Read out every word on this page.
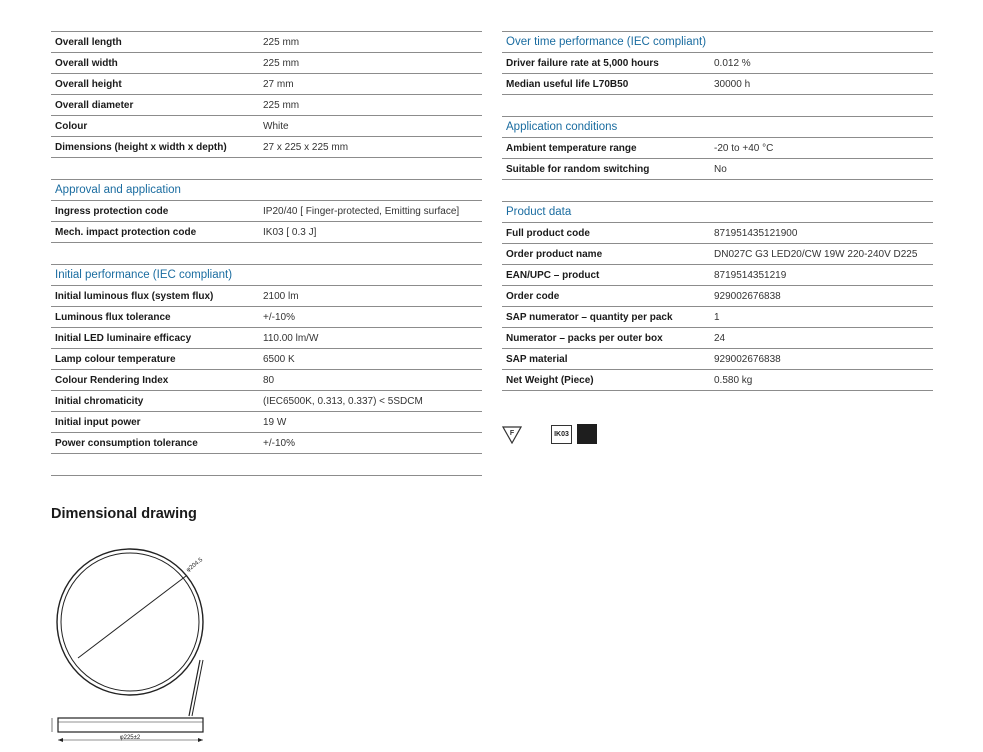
Overall length	225 mm
Overall width	225 mm
Overall height	27 mm
Overall diameter	225 mm
Colour	White
Dimensions (height x width x depth)	27 x 225 x 225 mm
Approval and application
Ingress protection code	IP20/40 [ Finger-protected, Emitting surface]
Mech. impact protection code	IK03 [ 0.3 J]
Initial performance (IEC compliant)
Initial luminous flux (system flux)	2100 lm
Luminous flux tolerance	+/-10%
Initial LED luminaire efficacy	110.00 lm/W
Lamp colour temperature	6500 K
Colour Rendering Index	80
Initial chromaticity	(IEC6500K, 0.313, 0.337) < 5SDCM
Initial input power	19 W
Power consumption tolerance	+/-10%
Over time performance (IEC compliant)
Driver failure rate at 5,000 hours	0.012 %
Median useful life L70B50	30000 h
Application conditions
Ambient temperature range	-20 to +40 °C
Suitable for random switching	No
Product data
Full product code	871951435121900
Order product name	DN027C G3 LED20/CW 19W 220-240V D225
EAN/UPC – product	8719514351219
Order code	929002676838
SAP numerator – quantity per pack	1
Numerator – packs per outer box	24
SAP material	929002676838
Net Weight (Piece)	0.580 kg
F	IK03
Dimensional drawing
φ204.5
φ225±2
